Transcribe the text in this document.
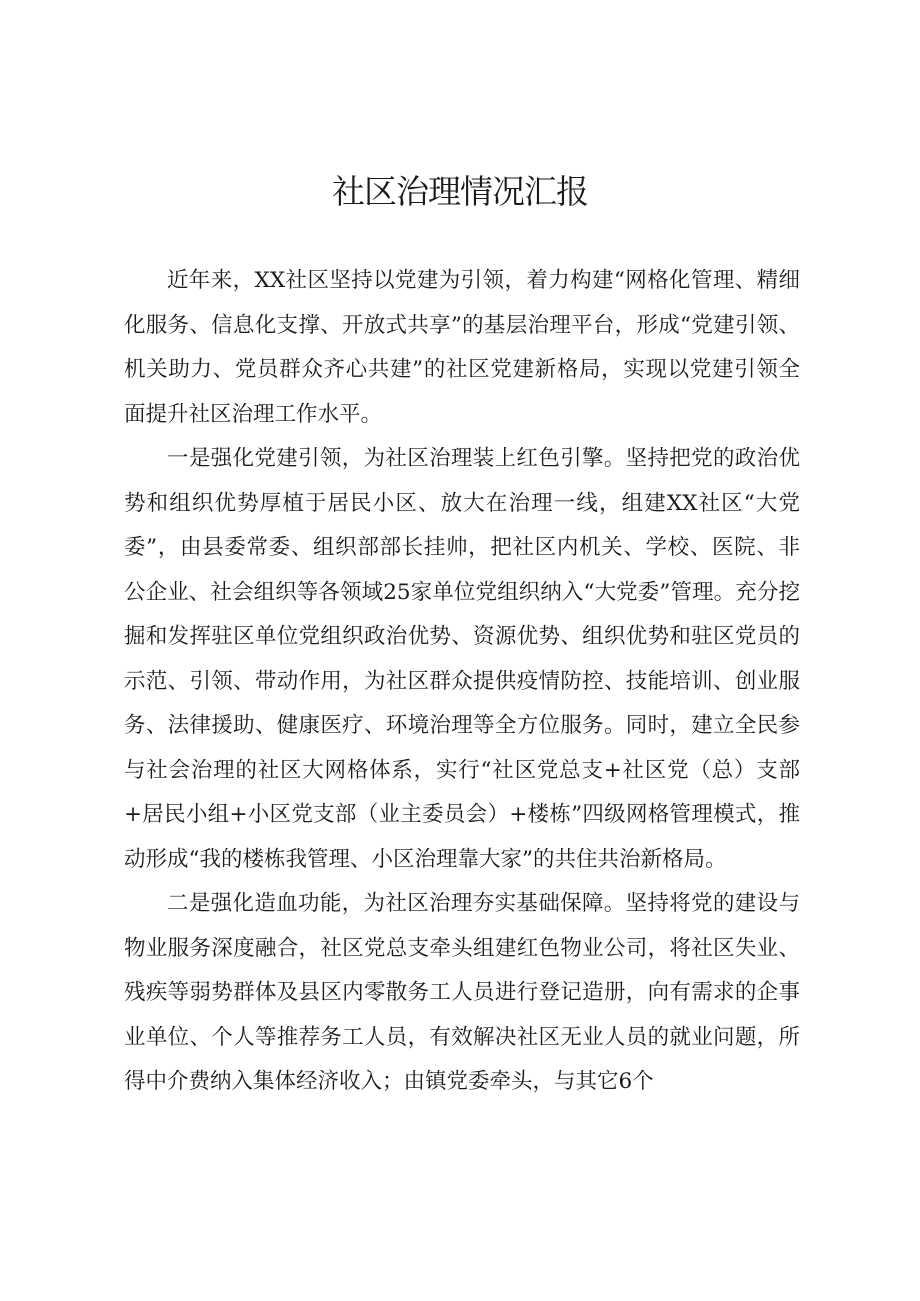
社区治理情况汇报

近年来，XX社区坚持以党建为引领，着力构建“网格化管理、精细化服务、信息化支撑、开放式共享”的基层治理平台，形成“党建引领、机关助力、党员群众齐心共建”的社区党建新格局，实现以党建引领全面提升社区治理工作水平。

一是强化党建引领，为社区治理装上红色引擎。坚持把党的政治优势和组织优势厚植于居民小区、放大在治理一线，组建XX社区“大党委”，由县委常委、组织部部长挂帅，把社区内机关、学校、医院、非公企业、社会组织等各领域25家单位党组织纳入“大党委”管理。充分挖掘和发挥驻区单位党组织政治优势、资源优势、组织优势和驻区党员的示范、引领、带动作用，为社区群众提供疫情防控、技能培训、创业服务、法律援助、健康医疗、环境治理等全方位服务。同时，建立全民参与社会治理的社区大网格体系，实行“社区党总支+社区党（总）支部+居民小组+小区党支部（业主委员会）+楼栋”四级网格管理模式，推动形成“我的楼栋我管理、小区治理靠大家”的共住共治新格局。

二是强化造血功能，为社区治理夯实基础保障。坚持将党的建设与物业服务深度融合，社区党总支牵头组建红色物业公司，将社区失业、残疾等弱势群体及县区内零散务工人员进行登记造册，向有需求的企事业单位、个人等推荐务工人员，有效解决社区无业人员的就业问题，所得中介费纳入集体经济收入；由镇党委牵头，与其它6个
